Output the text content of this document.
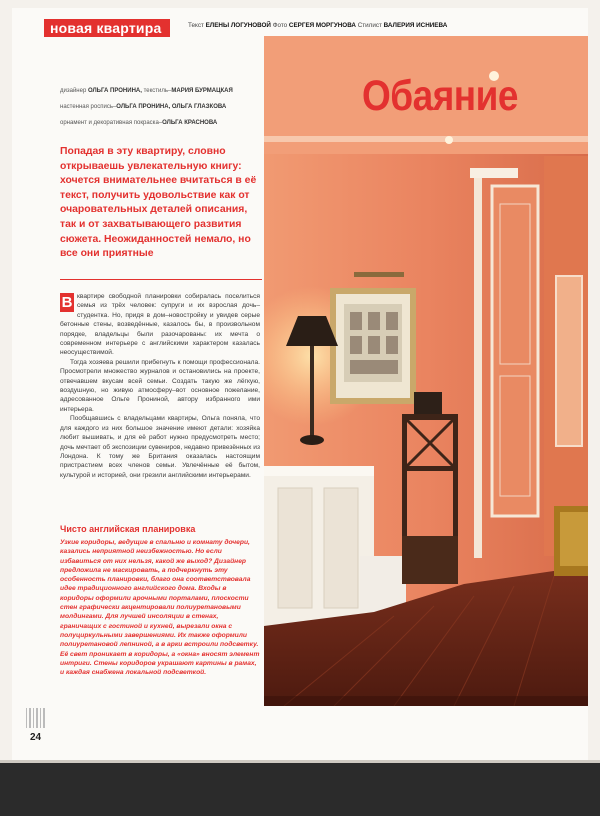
новая квартира	Текст ЕЛЕНЫ ЛОГУНОВОЙ Фото СЕРГЕЯ МОРГУНОВА Стилист ВАЛЕРИЯ ИСНИЕВА
Обаяние
дизайнер ОЛЬГА ПРОНИНА, текстиль–МАРИЯ БУРМАЦКАЯ
настенная роспись–ОЛЬГА ПРОНИНА, ОЛЬГА ГЛАЗКОВА
орнамент и декоративная покраска–ОЛЬГА КРАСНОВА
Попадая в эту квартиру, словно открываешь увлекательную книгу: хочется внимательнее вчитаться в её текст, получить удовольствие как от очаровательных деталей описания, так и от захватывающего развития сюжета. Неожиданностей немало, но все они приятные

В квартире свободной планировки собиралась поселиться семья из трёх человек: супруги и их взрослая дочь–студентка. Но, придя в дом–новостройку и увидев серые бетонные стены, возведённые, казалось бы, в произвольном порядке, владельцы были разочарованы: их мечта о современном интерьере с английскими характером казалась неосуществимой.

Тогда хозяева решили прибегнуть к помощи профессионала. Просмотрели множество журналов и остановились на проекте, отвечавшем вкусам всей семьи. Создать такую же лёгкую, воздушную, но живую атмосферу–вот основное пожелание, адресованное Ольге Прониной, автору избранного ими интерьера.

Пообщавшись с владельцами квартиры, Ольга поняла, что для каждого из них большое значение имеют детали: хозяйка любит вышивать, и для её работ нужно предусмотреть место; дочь мечтает об экспозиции сувениров, недавно привезённых из Лондона. К тому же Британия оказалась настоящим пристрастием всех членов семьи. Увлечённые её бытом, культурой и историей, они грезили английскими интерьерами.

Чисто английская планировка

Узкие коридоры, ведущие в спальню и комнату дочери, казались неприятной неизбежностью. Но если избавиться от них нельзя, какой же выход? Дизайнер предложила не маскировать, а подчеркнуть эту особенность планировки, благо она соответствовала идее традиционного английского дома. Входы в коридоры оформили арочными порталами, плоскости стен графически акцентировали полиуретановыми молдингами. Для лучшей инсоляции в стенах, граничащих с гостиной и кухней, вырезали окна с полуциркульными завершениями. Их также оформили полиуретановой лепниной, а в арки встроили подсветку. Её свет проникает в коридоры, а «окна» вносят элемент интриги. Стены коридоров украшают картины в рамах, и каждая снабжена локальной подсветкой.

24
